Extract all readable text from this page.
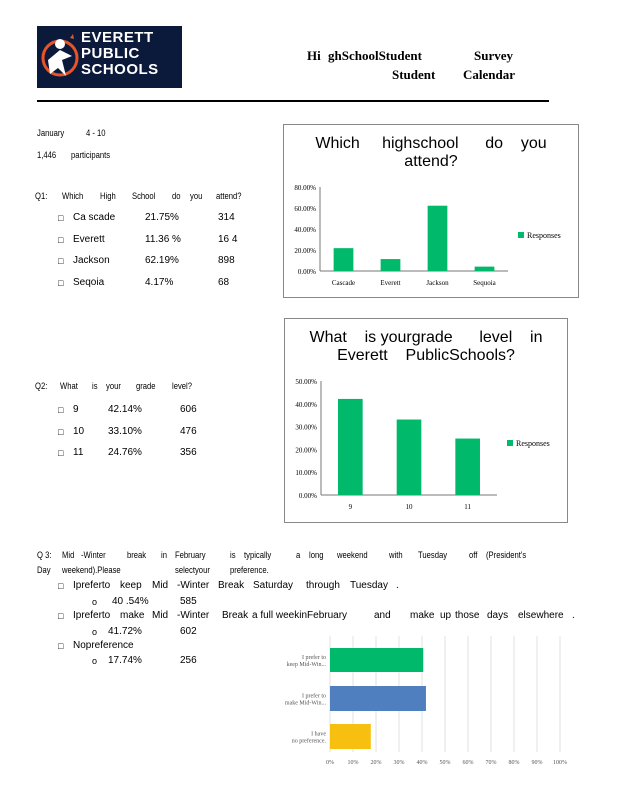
EVERETT
PUBLIC
SCHOOLS
Hi ghSchoolStudent	Survey
Student Calendar
January 4 - 10
1,446 participants
Q1: Which High School do you attend?
□ Ca scade	21.75%	314
□ Everett	11.36 %	16 4
□ Jackson	62.19%	898
□ Seqoia	4.17%	68
Which highschool do you
attend?
0.00%
20.00%
40.00%
60.00%
80.00%
Cascade	Everett	Jackson	Sequoia
Responses
Q2: What is your grade level?
□ 9	42.14%	606
□ 10 33.10%	476
□ 11 24.76%	356
What is yourgrade level in
Everett PublicSchools?
0.00%
10.00%
20.00%
30.00%
40.00%
50.00%
9	10	11
Responses
Q 3: Mid -Winter break in February	is typically	a long weekend with Tuesday off (President's
Day weekend).Please	selectyour preference.
□ Ipreferto keep Mid -Winter Break Saturday through Tuesday .
o 40 .54%	585
□ Ipreferto make Mid -Winter Break a full weekinFebruary	and make up those days elsewhere .
o 41.72%	602
□ Nopreference
o 17.74%	256
0% 10% 20% 30% 40% 50% 60% 70% 80% 90% 100%
I prefer to
keep Mid-Win...
I prefer to
make Mid-Win...
I have
no preference.
